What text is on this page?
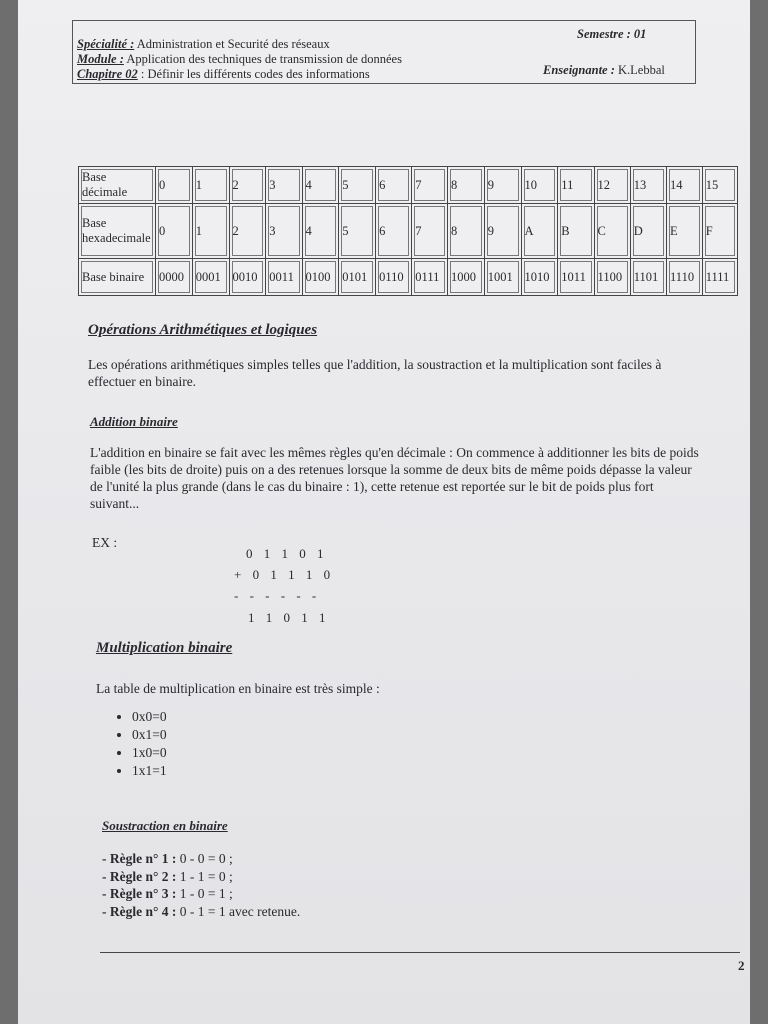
Spécialité : Administration et Securité des réseaux
Module : Application des techniques de transmission de données
Chapitre 02 : Définir les différents codes des informations
Semestre : 01
Enseignante : K.Lebbal
Base décimale	0	1	2	3	4	5	6	7	8	9	10	11	12	13	14	15
Base hexadecimale	0	1	2	3	4	5	6	7	8	9	A	B	C	D	E	F
Base binaire	0000	0001	0010	0011	0100	0101	0110	0111	1000	1001	1010	1011	1100	1101	1110	1111
Opérations Arithmétiques et logiques
Les opérations arithmétiques simples telles que l'addition, la soustraction et la multiplication sont faciles à effectuer en binaire.
Addition binaire
L'addition en binaire se fait avec les mêmes règles qu'en décimale : On commence à additionner les bits de poids faible (les bits de droite) puis on a des retenues lorsque la somme de deux bits de même poids dépasse la valeur de l'unité la plus grande (dans le cas du binaire : 1), cette retenue est reportée sur le bit de poids plus fort suivant...
EX :
0 1 1 0 1
+ 0 1 1 1 0
- - - - - -
1 1 0 1 1
Multiplication binaire
La table de multiplication en binaire est très simple :
• 0x0=0
• 0x1=0
• 1x0=0
• 1x1=1
Soustraction en binaire
- Règle n° 1 : 0 - 0 = 0 ;
- Règle n° 2 : 1 - 1 = 0 ;
- Règle n° 3 : 1 - 0 = 1 ;
- Règle n° 4 : 0 - 1 = 1 avec retenue.
2
